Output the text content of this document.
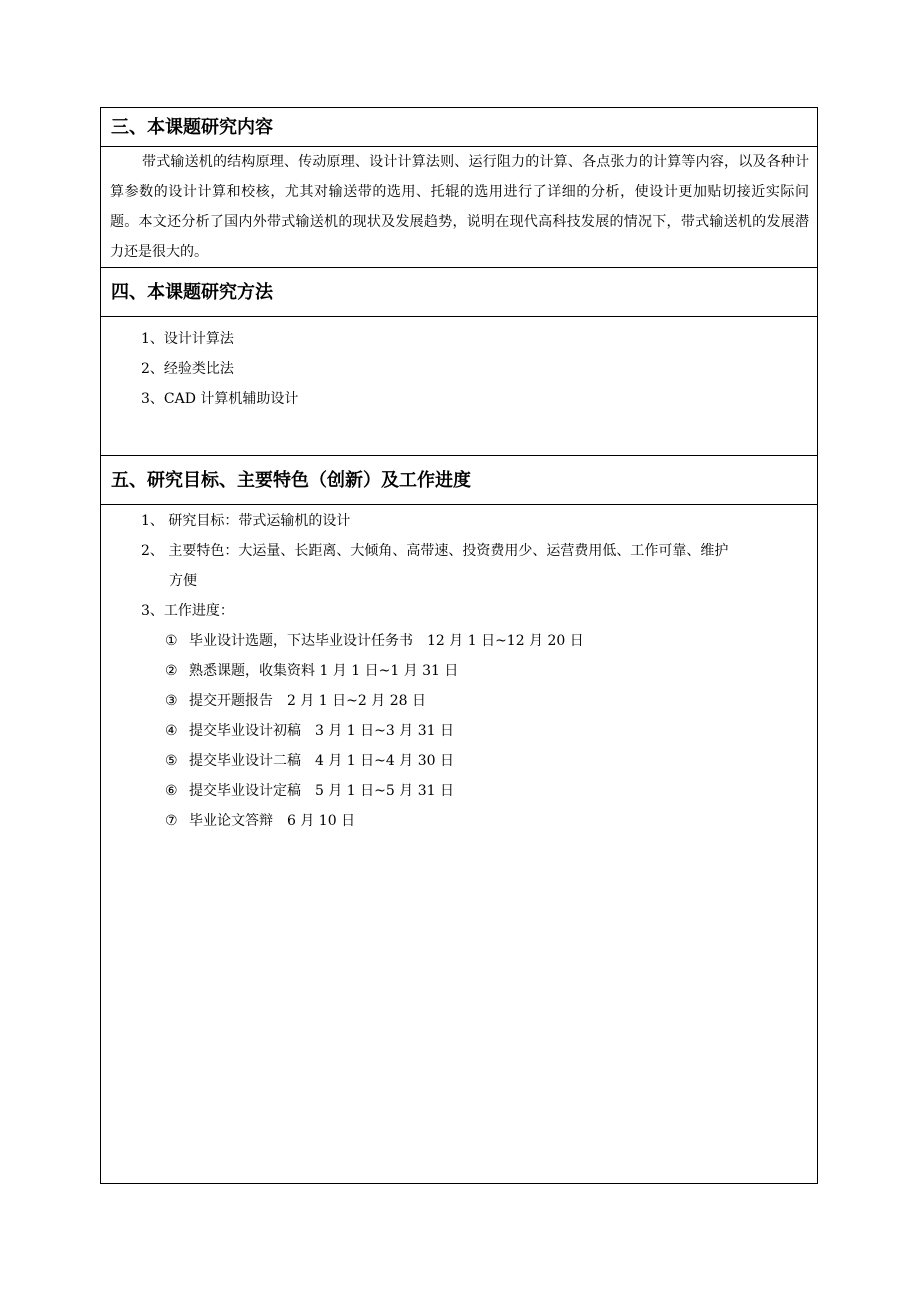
三、本课题研究内容

带式输送机的结构原理、传动原理、设计计算法则、运行阻力的计算、各点张力的计算等内容，以及各种计算参数的设计计算和校核，尤其对输送带的选用、托辊的选用进行了详细的分析，使设计更加贴切接近实际问题。本文还分析了国内外带式输送机的现状及发展趋势，说明在现代高科技发展的情况下，带式输送机的发展潜力还是很大的。

四、本课题研究方法
1、设计计算法
2、经验类比法
3、CAD 计算机辅助设计
五、研究目标、主要特色（创新）及工作进度
1、 研究目标：带式运输机的设计
2、 主要特色：大运量、长距离、大倾角、高带速、投资费用少、运营费用低、工作可靠、维护
方便
3、工作进度：
① 毕业设计选题，下达毕业设计任务书　12 月 1 日~12 月 20 日
② 熟悉课题，收集资料 1 月 1 日~1 月 31 日
③ 提交开题报告　2 月 1 日~2 月 28 日
④ 提交毕业设计初稿　3 月 1 日~3 月 31 日
⑤ 提交毕业设计二稿　4 月 1 日~4 月 30 日
⑥ 提交毕业设计定稿　5 月 1 日~5 月 31 日
⑦ 毕业论文答辩　6 月 10 日
